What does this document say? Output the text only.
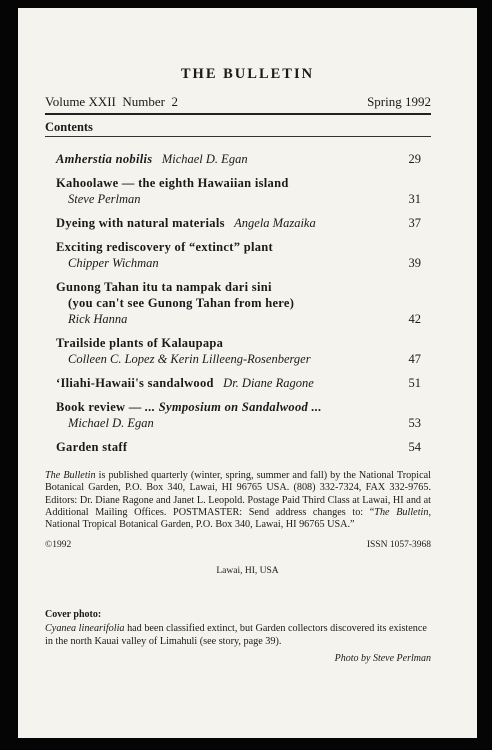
THE BULLETIN
Volume XXII  Number  2	Spring 1992
Contents
Amherstia nobilis Michael D. Egan	29
Kahoolawe — the eighth Hawaiian island
Steve Perlman	31
Dyeing with natural materials Angela Mazaika	37
Exciting rediscovery of “extinct” plant
Chipper Wichman	39
Gunong Tahan itu ta nampak dari sini
(you can't see Gunong Tahan from here)
Rick Hanna	42
Trailside plants of Kalaupapa
Colleen C. Lopez & Kerin Lilleeng-Rosenberger	47
ʻIliahi-Hawaii's sandalwood Dr. Diane Ragone	51
Book review — ... Symposium on Sandalwood ...
Michael D. Egan	53
Garden staff	54
The Bulletin is published quarterly (winter, spring, summer and fall) by the National Tropical Botanical Garden, P.O. Box 340, Lawai, HI 96765 USA. (808) 332-7324, FAX 332-9765. Editors: Dr. Diane Ragone and Janet L. Leopold. Postage Paid Third Class at Lawai, HI and at Additional Mailing Offices. POSTMASTER: Send address changes to: “The Bulletin, National Tropical Botanical Garden, P.O. Box 340, Lawai, HI 96765 USA.”
©1992	ISSN 1057-3968
Lawai, HI, USA
Cover photo:
Cyanea linearifolia had been classified extinct, but Garden collectors discovered its existence in the north Kauai valley of Limahuli (see story, page 39).
Photo by Steve Perlman
